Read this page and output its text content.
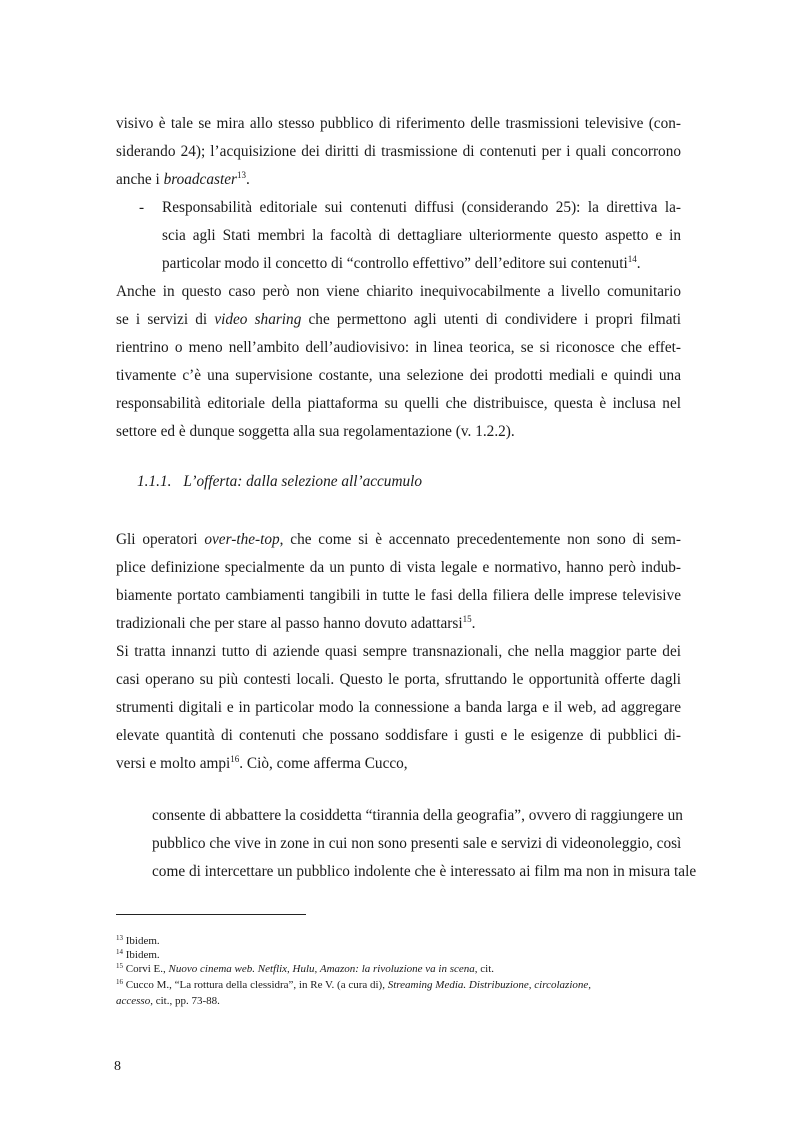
visivo è tale se mira allo stesso pubblico di riferimento delle trasmissioni televisive (con-
siderando 24); l’acquisizione dei diritti di trasmissione di contenuti per i quali concorrono
anche i broadcaster$^{13}$.
- Responsabilità editoriale sui contenuti diffusi (considerando 25): la direttiva la-
scia agli Stati membri la facoltà di dettagliare ulteriormente questo aspetto e in
particolar modo il concetto di “controllo effettivo” dell’editore sui contenuti$^{14}$.
Anche in questo caso però non viene chiarito inequivocabilmente a livello comunitario
se i servizi di video sharing che permettono agli utenti di condividere i propri filmati
rientrino o meno nell’ambito dell’audiovisivo: in linea teorica, se si riconosce che effet-
tivamente c’è una supervisione costante, una selezione dei prodotti mediali e quindi una
responsabilità editoriale della piattaforma su quelli che distribuisce, questa è inclusa nel
settore ed è dunque soggetta alla sua regolamentazione (v. 1.2.2).
1.1.1. L’offerta: dalla selezione all’accumulo
Gli operatori over-the-top, che come si è accennato precedentemente non sono di sem-
plice definizione specialmente da un punto di vista legale e normativo, hanno però indub-
biamente portato cambiamenti tangibili in tutte le fasi della filiera delle imprese televisive
tradizionali che per stare al passo hanno dovuto adattarsi$^{15}$.
Si tratta innanzi tutto di aziende quasi sempre transnazionali, che nella maggior parte dei
casi operano su più contesti locali. Questo le porta, sfruttando le opportunità offerte dagli
strumenti digitali e in particolar modo la connessione a banda larga e il web, ad aggregare
elevate quantità di contenuti che possano soddisfare i gusti e le esigenze di pubblici di-
versi e molto ampi$^{16}$. Ciò, come afferma Cucco,
consente di abbattere la cosiddetta “tirannia della geografia”, ovvero di raggiungere un
pubblico che vive in zone in cui non sono presenti sale e servizi di videonoleggio, così
come di intercettare un pubblico indolente che è interessato ai film ma non in misura tale
$^{13}$ Ibidem.
$^{14}$ Ibidem.
$^{15}$ Corvi E., Nuovo cinema web. Netflix, Hulu, Amazon: la rivoluzione va in scena, cit.
$^{16}$ Cucco M., “La rottura della clessidra”, in Re V. (a cura di), Streaming Media. Distribuzione, circolazione,
accesso, cit., pp. 73-88.
8
